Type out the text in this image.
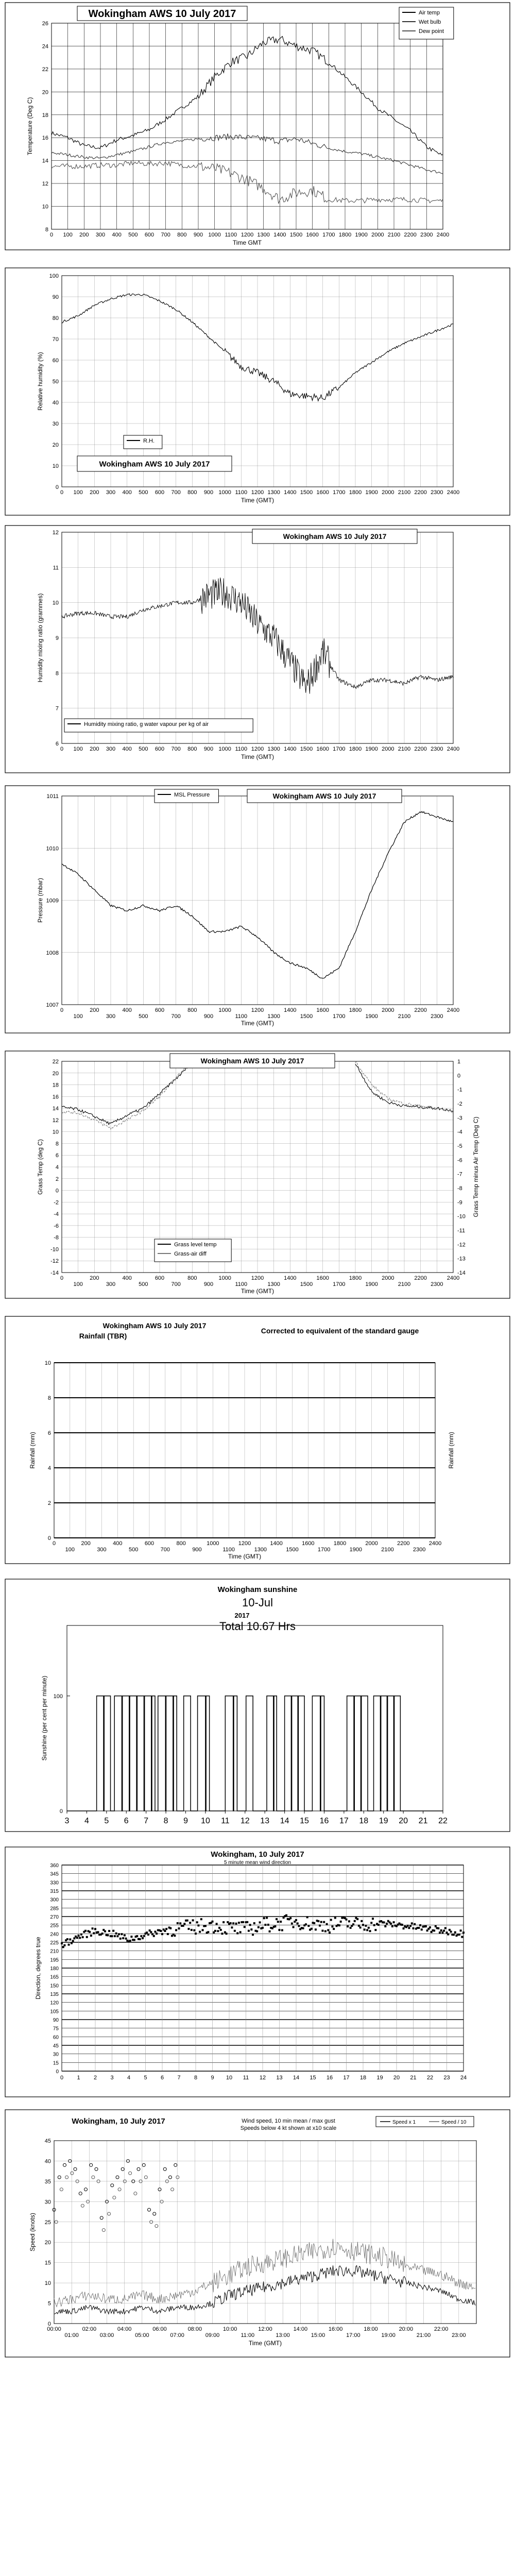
0 100 200 300 400 500 600 700 800 900 1000 1100 1200 1300 1400 1500 1600 1700 1800 1900 2000 2100 2200 2300 2400
8
10
12
14
16
18
20
22
24
26
Time GMT
Temperature (Deg C)
Wokingham AWS 10 July 2017	Air temp
Wet bulb
Dew point
0 100 200 300 400 500 600 700 800 900 1000 1100 1200 1300 1400 1500 1600 1700 1800 1900 2000 2100 2200 2300 2400
0
10
20
30
40
50
60
70
80
90
100
Time (GMT)
Relative humidity (%)
R.H.
Wokingham AWS 10 July 2017
0 100 200 300 400 500 600 700 800 900 1000 1100 1200 1300 1400 1500 1600 1700 1800 1900 2000 2100 2200 2300 2400
6
7
8
9
10
11
12
Time (GMT)
Humidity mixing ratio (grammes)
Wokingham AWS 10 July 2017
Humidity mixing ratio, g water vapour per kg of air
0
100
200
300
400
500
600
700
800
900
1000
1100
1200
1300
1400
1500
1600
1700
1800
1900
2000
2100
2200
2300
2400
1007
1008
1009
1010
1011
Time (GMT)
Pressure (mbar)
MSL Pressure	Wokingham AWS 10 July 2017
0
100
200
300
400
500
600
700
800
900
1000
1100
1200
1300
1400
1500
1600
1700
1800
1900
2000
2100
2200
2300
2400
-14
-12
-10
-8
-6
-4
-2
0
2
4
6
8
10
12
14
16
18
20
22
Time (GMT)
Grass Temp (deg C)
1
0
-1
-2
-3
-4
-5
-6
-7
-8
-9
-10
-11
-12
-13
-14
Grass Temp minus Air Temp (Deg C)
Wokingham AWS 10 July 2017
Grass level temp
Grass-air diff
0
100
200
300
400
500
600
700
800
900
1000
1100
1200
1300
1400
1500
1600
1700
1800
1900
2000
2100
2200
2300
2400
0
2
4
6
8
10
Time (GMT)
Rainfall (mm)	Rainfall (mm)
Wokingham AWS 10 July 2017
Rainfall (TBR)
Corrected to equivalent of the standard gauge
3 4 5 6 7 8 9 10 11 12 13 14 15 16 17 18 19 20 21 22
0
100
Sunshine (per cent per minute)
Wokingham sunshine
10-Jul
2017
Total 10.67 Hrs
0 1 2 3 4 5 6 7 8 9 10 11 12 13 14 15 16 17 18 19 20 21 22 23 24
0
15
30
45
60
75
90
105
120
135
150
165
180
195
210
225
240
255
270
285
300
315
330
345
360
Direction, degrees true
Wokingham, 10 July 2017
5 minute mean wind direction
00:00
01:00
02:00
03:00
04:00
05:00
06:00
07:00
08:00
09:00
10:00
11:00
12:00
13:00
14:00
15:00
16:00
17:00
18:00
19:00
20:00
21:00
22:00
23:00
0
5
10
15
20
25
30
35
40
45
Speed (knots)
Time (GMT)
Wokingham, 10 July 2017	Wind speed, 10 min mean / max gust
Speeds below 4 kt shown at x10 scale
Speed x 1	Speed / 10
